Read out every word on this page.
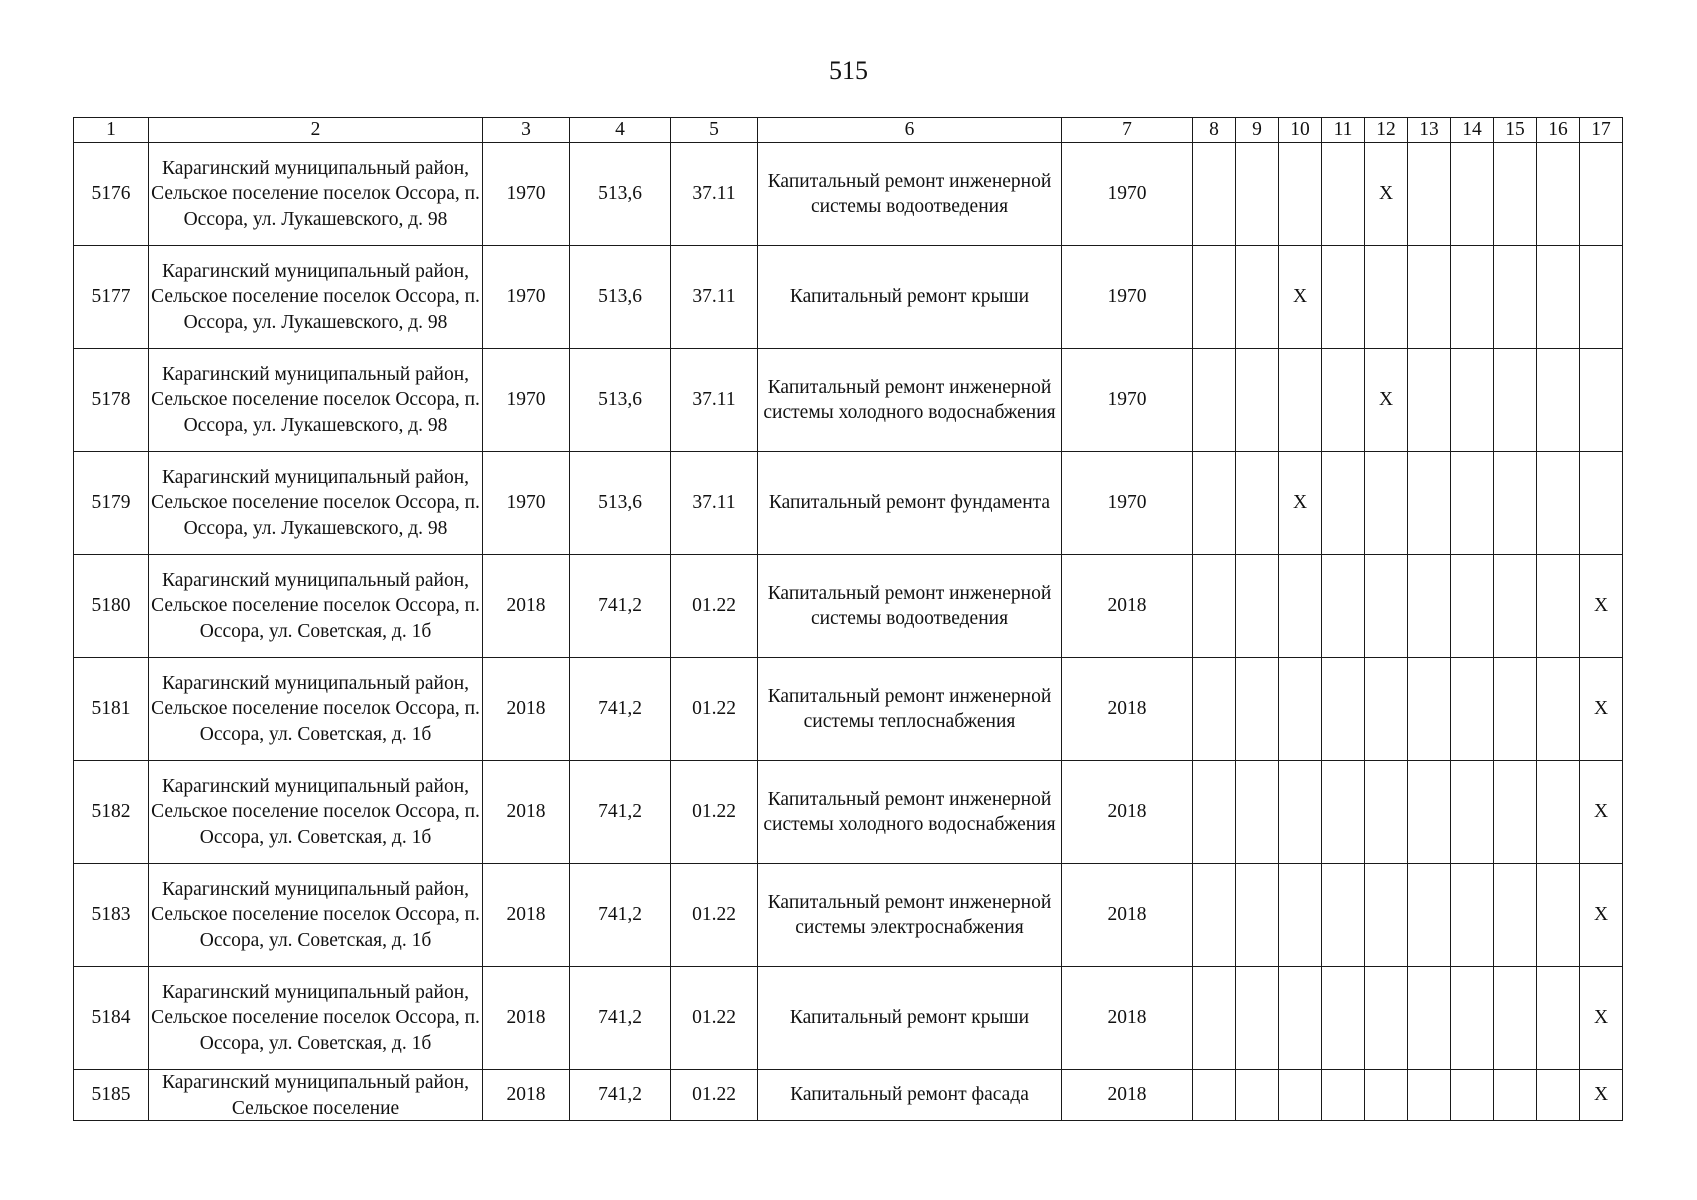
515
1	2	3	4	5	6	7	8	9	10	11	12	13	14	15	16	17
5176	Карагинский муниципальный район, Сельское поселение поселок Оссора, п. Оссора, ул. Лукашевского, д. 98	1970	513,6	37.11	Капитальный ремонт инженерной системы водоотведения	1970					X					
5177	Карагинский муниципальный район, Сельское поселение поселок Оссора, п. Оссора, ул. Лукашевского, д. 98	1970	513,6	37.11	Капитальный ремонт крыши	1970			X							
5178	Карагинский муниципальный район, Сельское поселение поселок Оссора, п. Оссора, ул. Лукашевского, д. 98	1970	513,6	37.11	Капитальный ремонт инженерной системы холодного водоснабжения	1970					X					
5179	Карагинский муниципальный район, Сельское поселение поселок Оссора, п. Оссора, ул. Лукашевского, д. 98	1970	513,6	37.11	Капитальный ремонт фундамента	1970			X							
5180	Карагинский муниципальный район, Сельское поселение поселок Оссора, п. Оссора, ул. Советская, д. 1б	2018	741,2	01.22	Капитальный ремонт инженерной системы водоотведения	2018										X
5181	Карагинский муниципальный район, Сельское поселение поселок Оссора, п. Оссора, ул. Советская, д. 1б	2018	741,2	01.22	Капитальный ремонт инженерной системы теплоснабжения	2018										X
5182	Карагинский муниципальный район, Сельское поселение поселок Оссора, п. Оссора, ул. Советская, д. 1б	2018	741,2	01.22	Капитальный ремонт инженерной системы холодного водоснабжения	2018										X
5183	Карагинский муниципальный район, Сельское поселение поселок Оссора, п. Оссора, ул. Советская, д. 1б	2018	741,2	01.22	Капитальный ремонт инженерной системы электроснабжения	2018										X
5184	Карагинский муниципальный район, Сельское поселение поселок Оссора, п. Оссора, ул. Советская, д. 1б	2018	741,2	01.22	Капитальный ремонт крыши	2018										X
5185	Карагинский муниципальный район, Сельское поселение	2018	741,2	01.22	Капитальный ремонт фасада	2018										X
